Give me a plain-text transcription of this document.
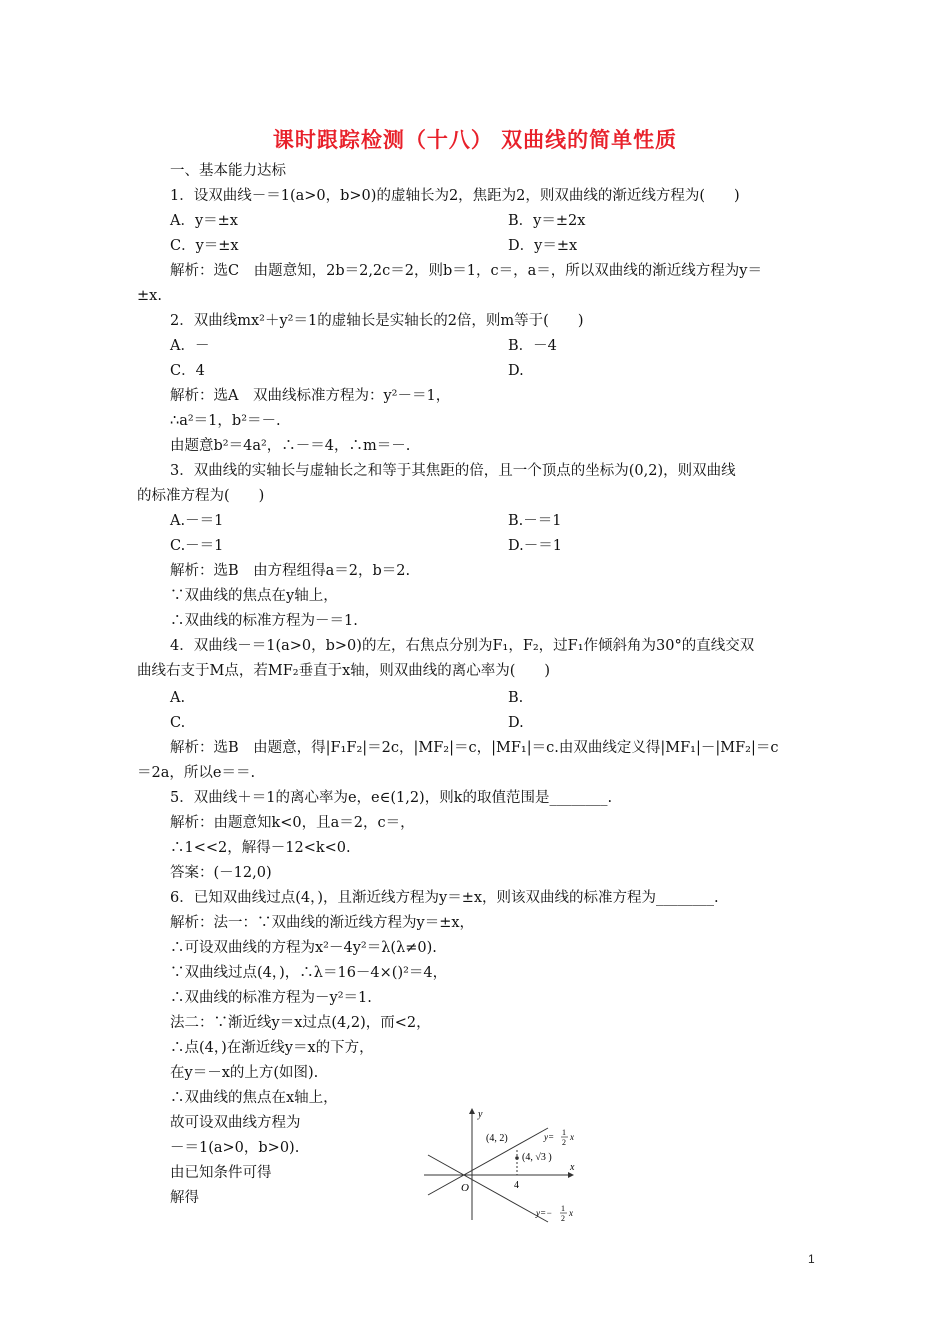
课时跟踪检测（十八） 双曲线的简单性质
一、基本能力达标
1．设双曲线－＝1(a>0，b>0)的虚轴长为2，焦距为2，则双曲线的渐近线方程为(　　)
A．y＝±x	B．y＝±2x
C．y＝±x	D．y＝±x
解析：选C　由题意知，2b＝2,2c＝2，则b＝1，c＝，a＝，所以双曲线的渐近线方程为y＝
±x.
2．双曲线mx²＋y²＝1的虚轴长是实轴长的2倍，则m等于(　　)
A．－	B．－4
C．4	D.
解析：选A　双曲线标准方程为：y²－＝1，
∴a²＝1，b²＝－.
由题意b²＝4a²，∴－＝4，∴m＝－.
3．双曲线的实轴长与虚轴长之和等于其焦距的倍，且一个顶点的坐标为(0,2)，则双曲线
的标准方程为(　　)
A.－＝1	B.－＝1
C.－＝1	D.－＝1
解析：选B　由方程组得a＝2，b＝2.
∵双曲线的焦点在y轴上，
∴双曲线的标准方程为－＝1.
4．双曲线－＝1(a>0，b>0)的左，右焦点分别为F₁，F₂，过F₁作倾斜角为30°的直线交双
曲线右支于M点，若MF₂垂直于x轴，则双曲线的离心率为(　　)
A.	B.
C.	D.
解析：选B　由题意，得|F₁F₂|＝2c，|MF₂|＝c，|MF₁|＝c.由双曲线定义得|MF₁|－|MF₂|＝c
＝2a，所以e＝＝.
5．双曲线＋＝1的离心率为e，e∈(1,2)，则k的取值范围是________.
解析：由题意知k<0，且a＝2，c＝，
∴1<<2，解得－12<k<0.
答案：(－12,0)
6．已知双曲线过点(4，)，且渐近线方程为y＝±x，则该双曲线的标准方程为________.
解析：法一：∵双曲线的渐近线方程为y＝±x，
∴可设双曲线的方程为x²－4y²＝λ(λ≠0).
∵双曲线过点(4，)，∴λ＝16－4×()²＝4，
∴双曲线的标准方程为－y²＝1.
法二：∵渐近线y＝x过点(4,2)，而<2，
∴点(4，)在渐近线y＝x的下方，
在y＝－x的上方(如图).
∴双曲线的焦点在x轴上，
故可设双曲线方程为
－＝1(a>0，b>0).
由已知条件可得
解得
y
x
O	4
(4, 2)
(4, √3 )
y= 1
2
x
y=− 1
2
x
1
